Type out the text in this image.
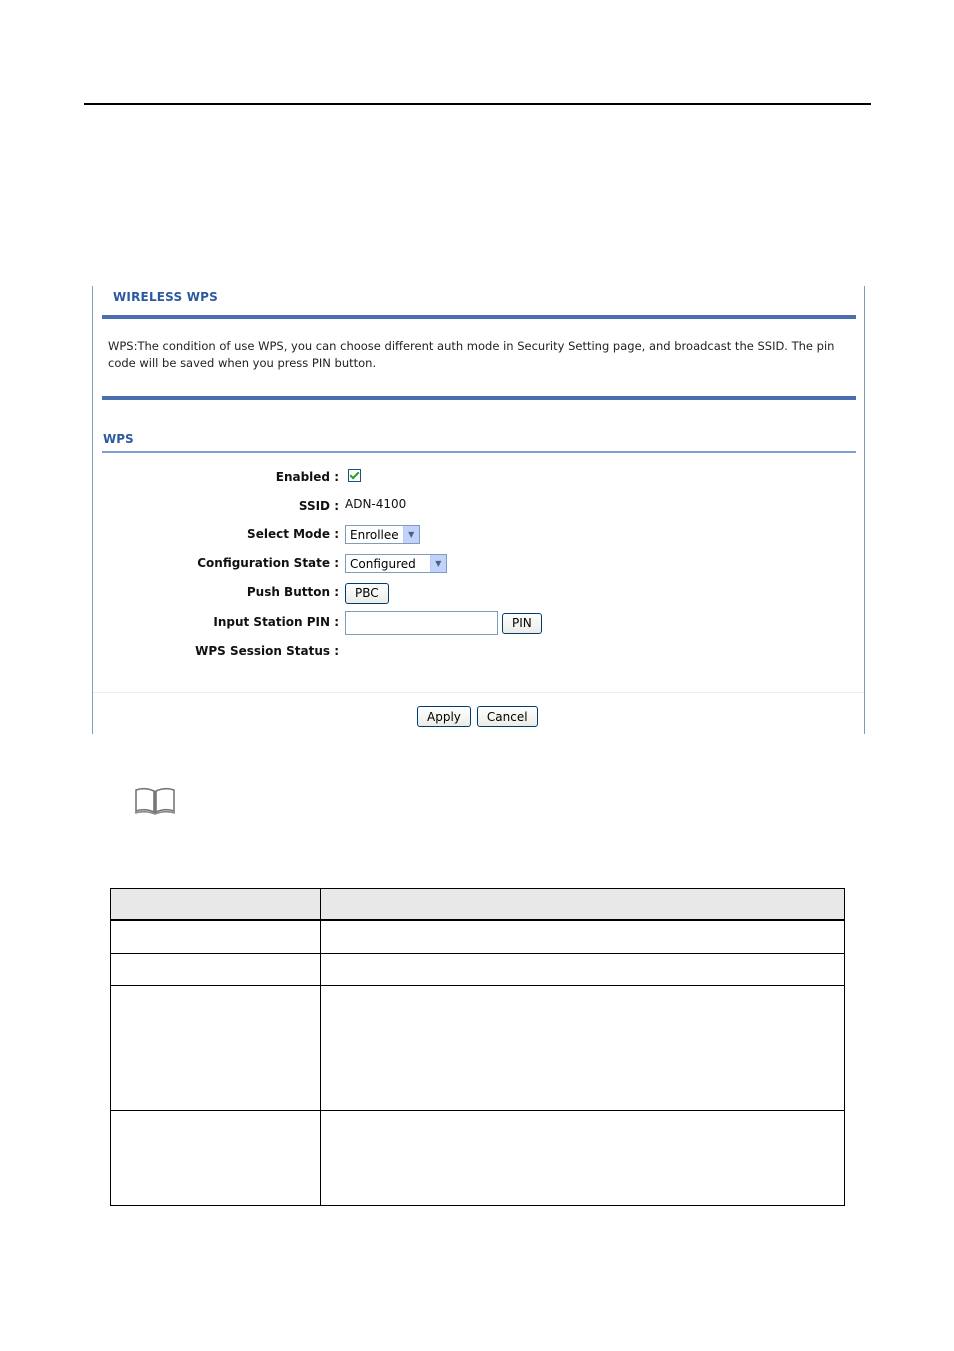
WIRELESS WPS
WPS:The condition of use WPS, you can choose different auth mode in Security Setting page, and broadcast the SSID. The pin code will be saved when you press PIN button.
WPS
Enabled :
SSID : ADN-4100
Select Mode : Enrollee	▼
Configuration State : Configured	▼
Push Button :	PBC
Input Station PIN :	PIN
WPS Session Status :
Apply	Cancel
